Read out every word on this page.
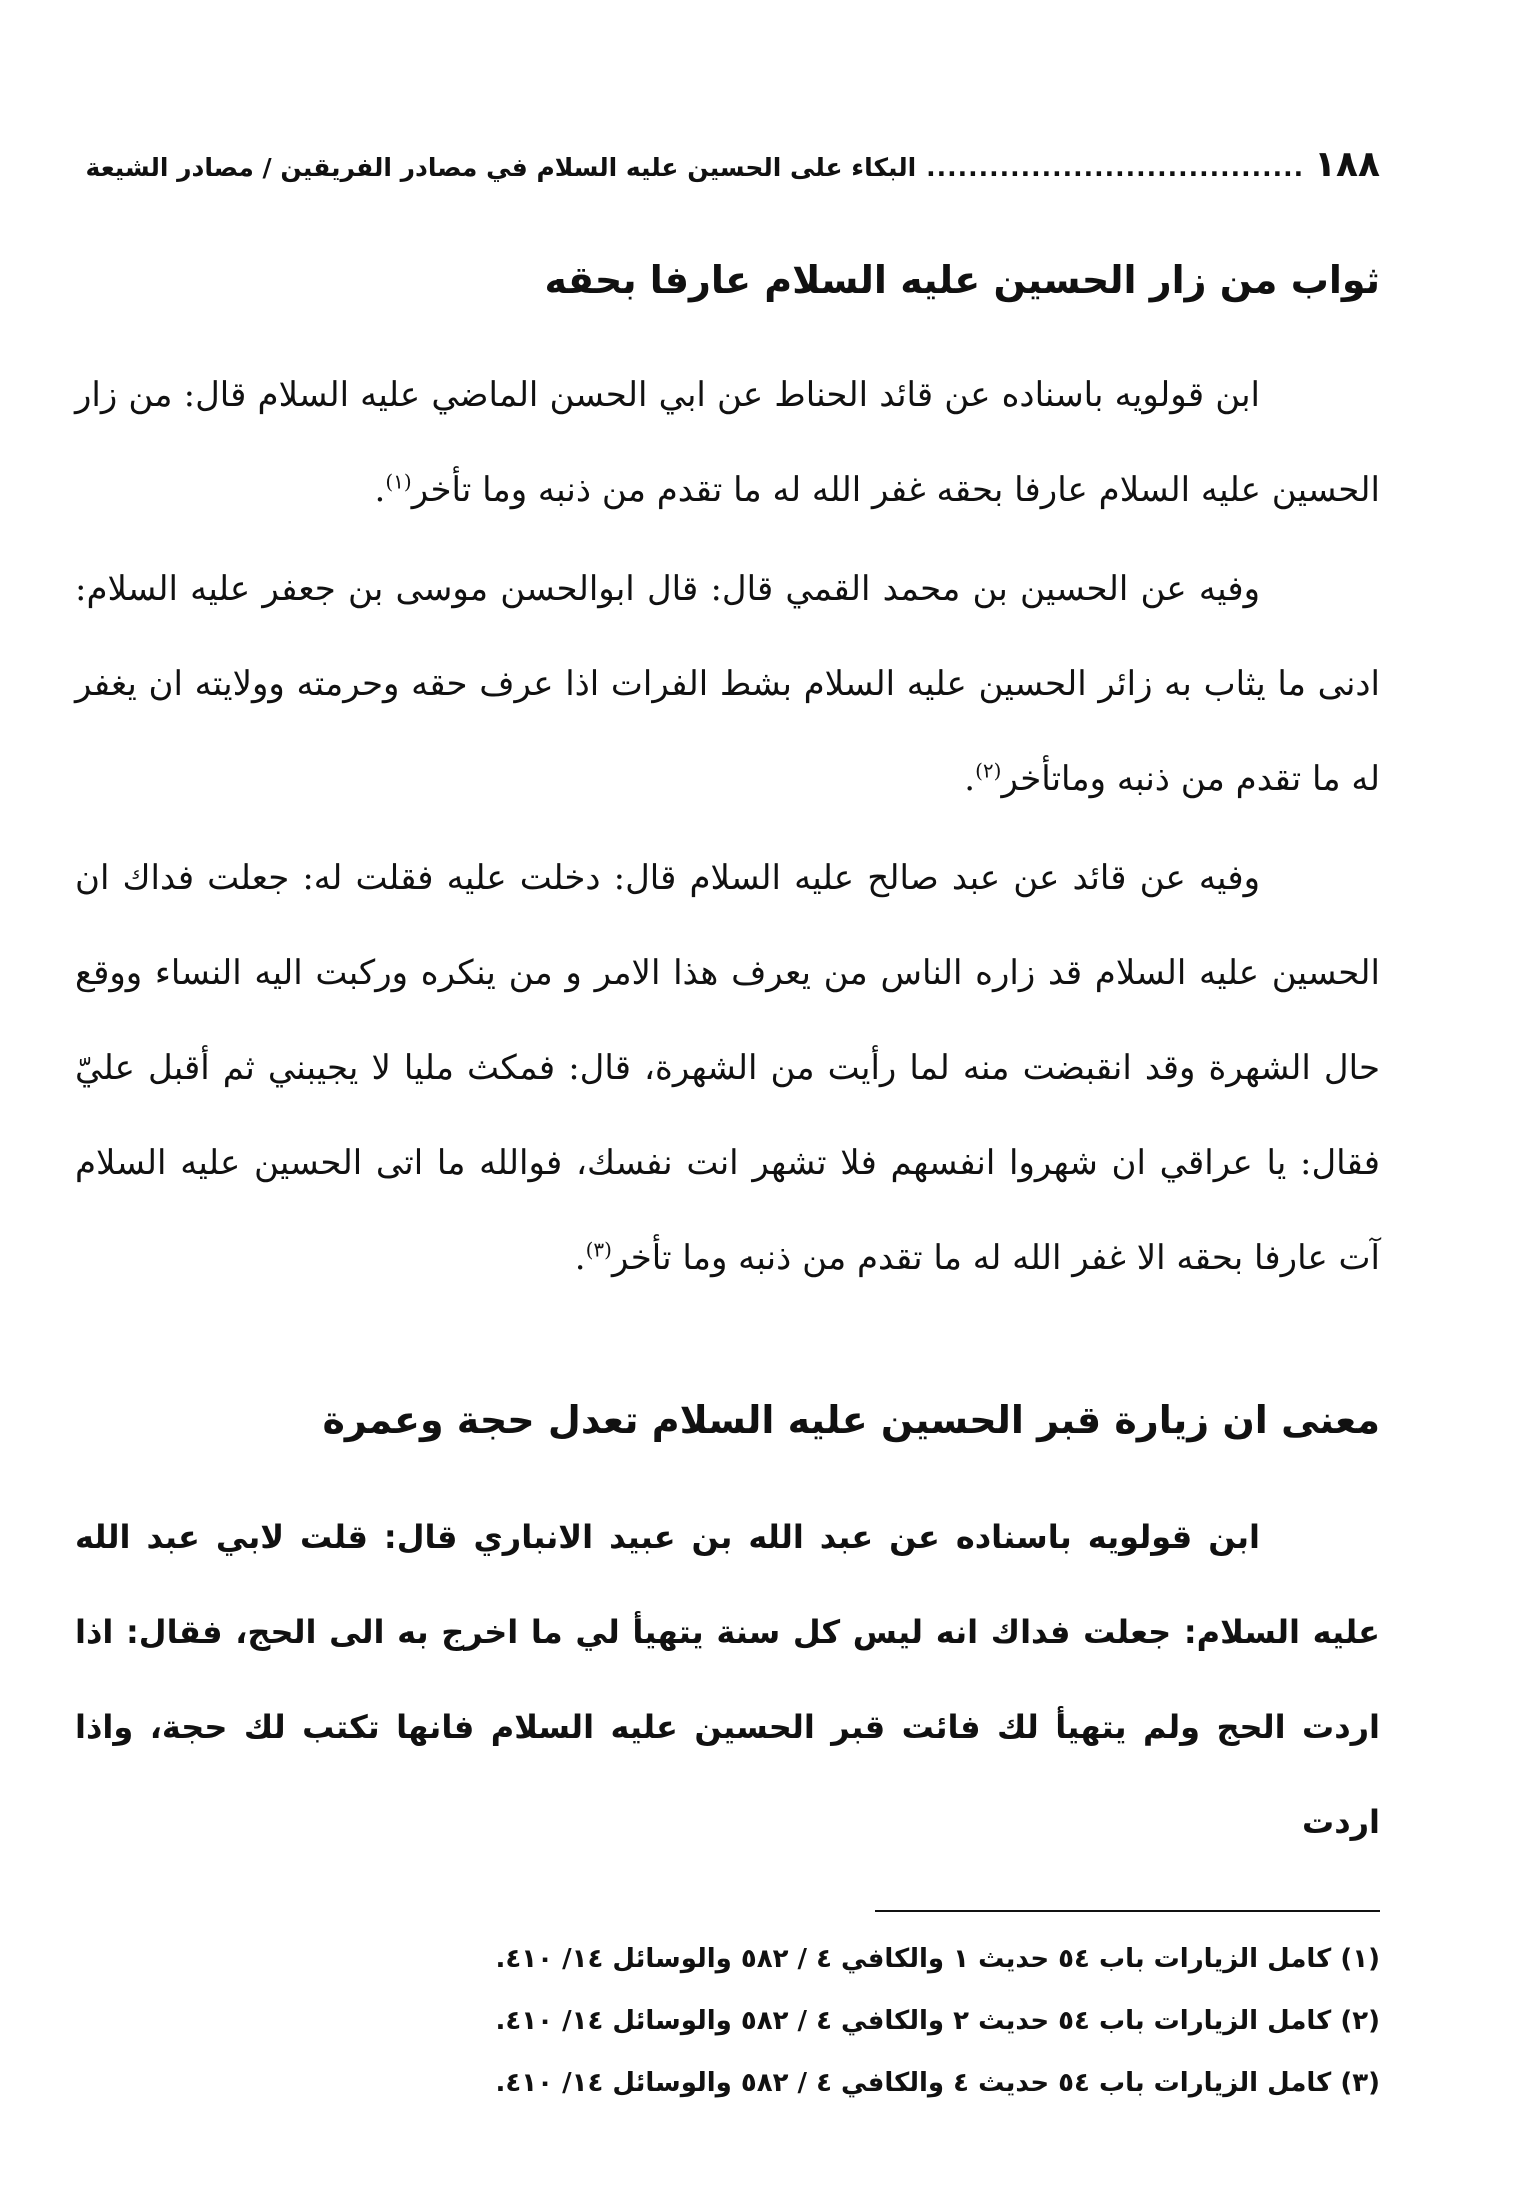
١٨٨
....................................
البكاء على الحسين عليه السلام في مصادر الفريقين / مصادر الشيعة
ثواب من زار الحسين عليه السلام عارفا بحقه

ابن قولويه باسناده عن قائد الحناط عن ابي الحسن الماضي عليه السلام قال: من زار الحسين عليه السلام عارفا بحقه غفر الله له ما تقدم من ذنبه وما تأخر$^{(١)}$.

وفيه عن الحسين بن محمد القمي قال: قال ابوالحسن موسى بن جعفر عليه السلام: ادنى ما يثاب به زائر الحسين عليه السلام بشط الفرات اذا عرف حقه وحرمته وولايته ان يغفر له ما تقدم من ذنبه وماتأخر$^{(٢)}$.

وفيه عن قائد عن عبد صالح عليه السلام قال: دخلت عليه فقلت له: جعلت فداك ان الحسين عليه السلام قد زاره الناس من يعرف هذا الامر و من ينكره وركبت اليه النساء ووقع حال الشهرة وقد انقبضت منه لما رأيت من الشهرة، قال: فمكث مليا لا يجيبني ثم أقبل عليّ فقال: يا عراقي ان شهروا انفسهم فلا تشهر انت نفسك، فوالله ما اتى الحسين عليه السلام آت عارفا بحقه الا غفر الله له ما تقدم من ذنبه وما تأخر$^{(٣)}$.

معنى ان زيارة قبر الحسين عليه السلام تعدل حجة وعمرة

ابن قولويه باسناده عن عبد الله بن عبيد الانباري قال: قلت لابي عبد الله عليه السلام: جعلت فداك انه ليس كل سنة يتهيأ لي ما اخرج به الى الحج، فقال: اذا اردت الحج ولم يتهيأ لك فائت قبر الحسين عليه السلام فانها تكتب لك حجة، واذا اردت

(١) كامل الزيارات باب ٥٤ حديث ١ والكافي ٤ / ٥٨٢ والوسائل ١٤/ ٤١٠.
(٢) كامل الزيارات باب ٥٤ حديث ٢ والكافي ٤ / ٥٨٢ والوسائل ١٤/ ٤١٠.
(٣) كامل الزيارات باب ٥٤ حديث ٤ والكافي ٤ / ٥٨٢ والوسائل ١٤/ ٤١٠.
